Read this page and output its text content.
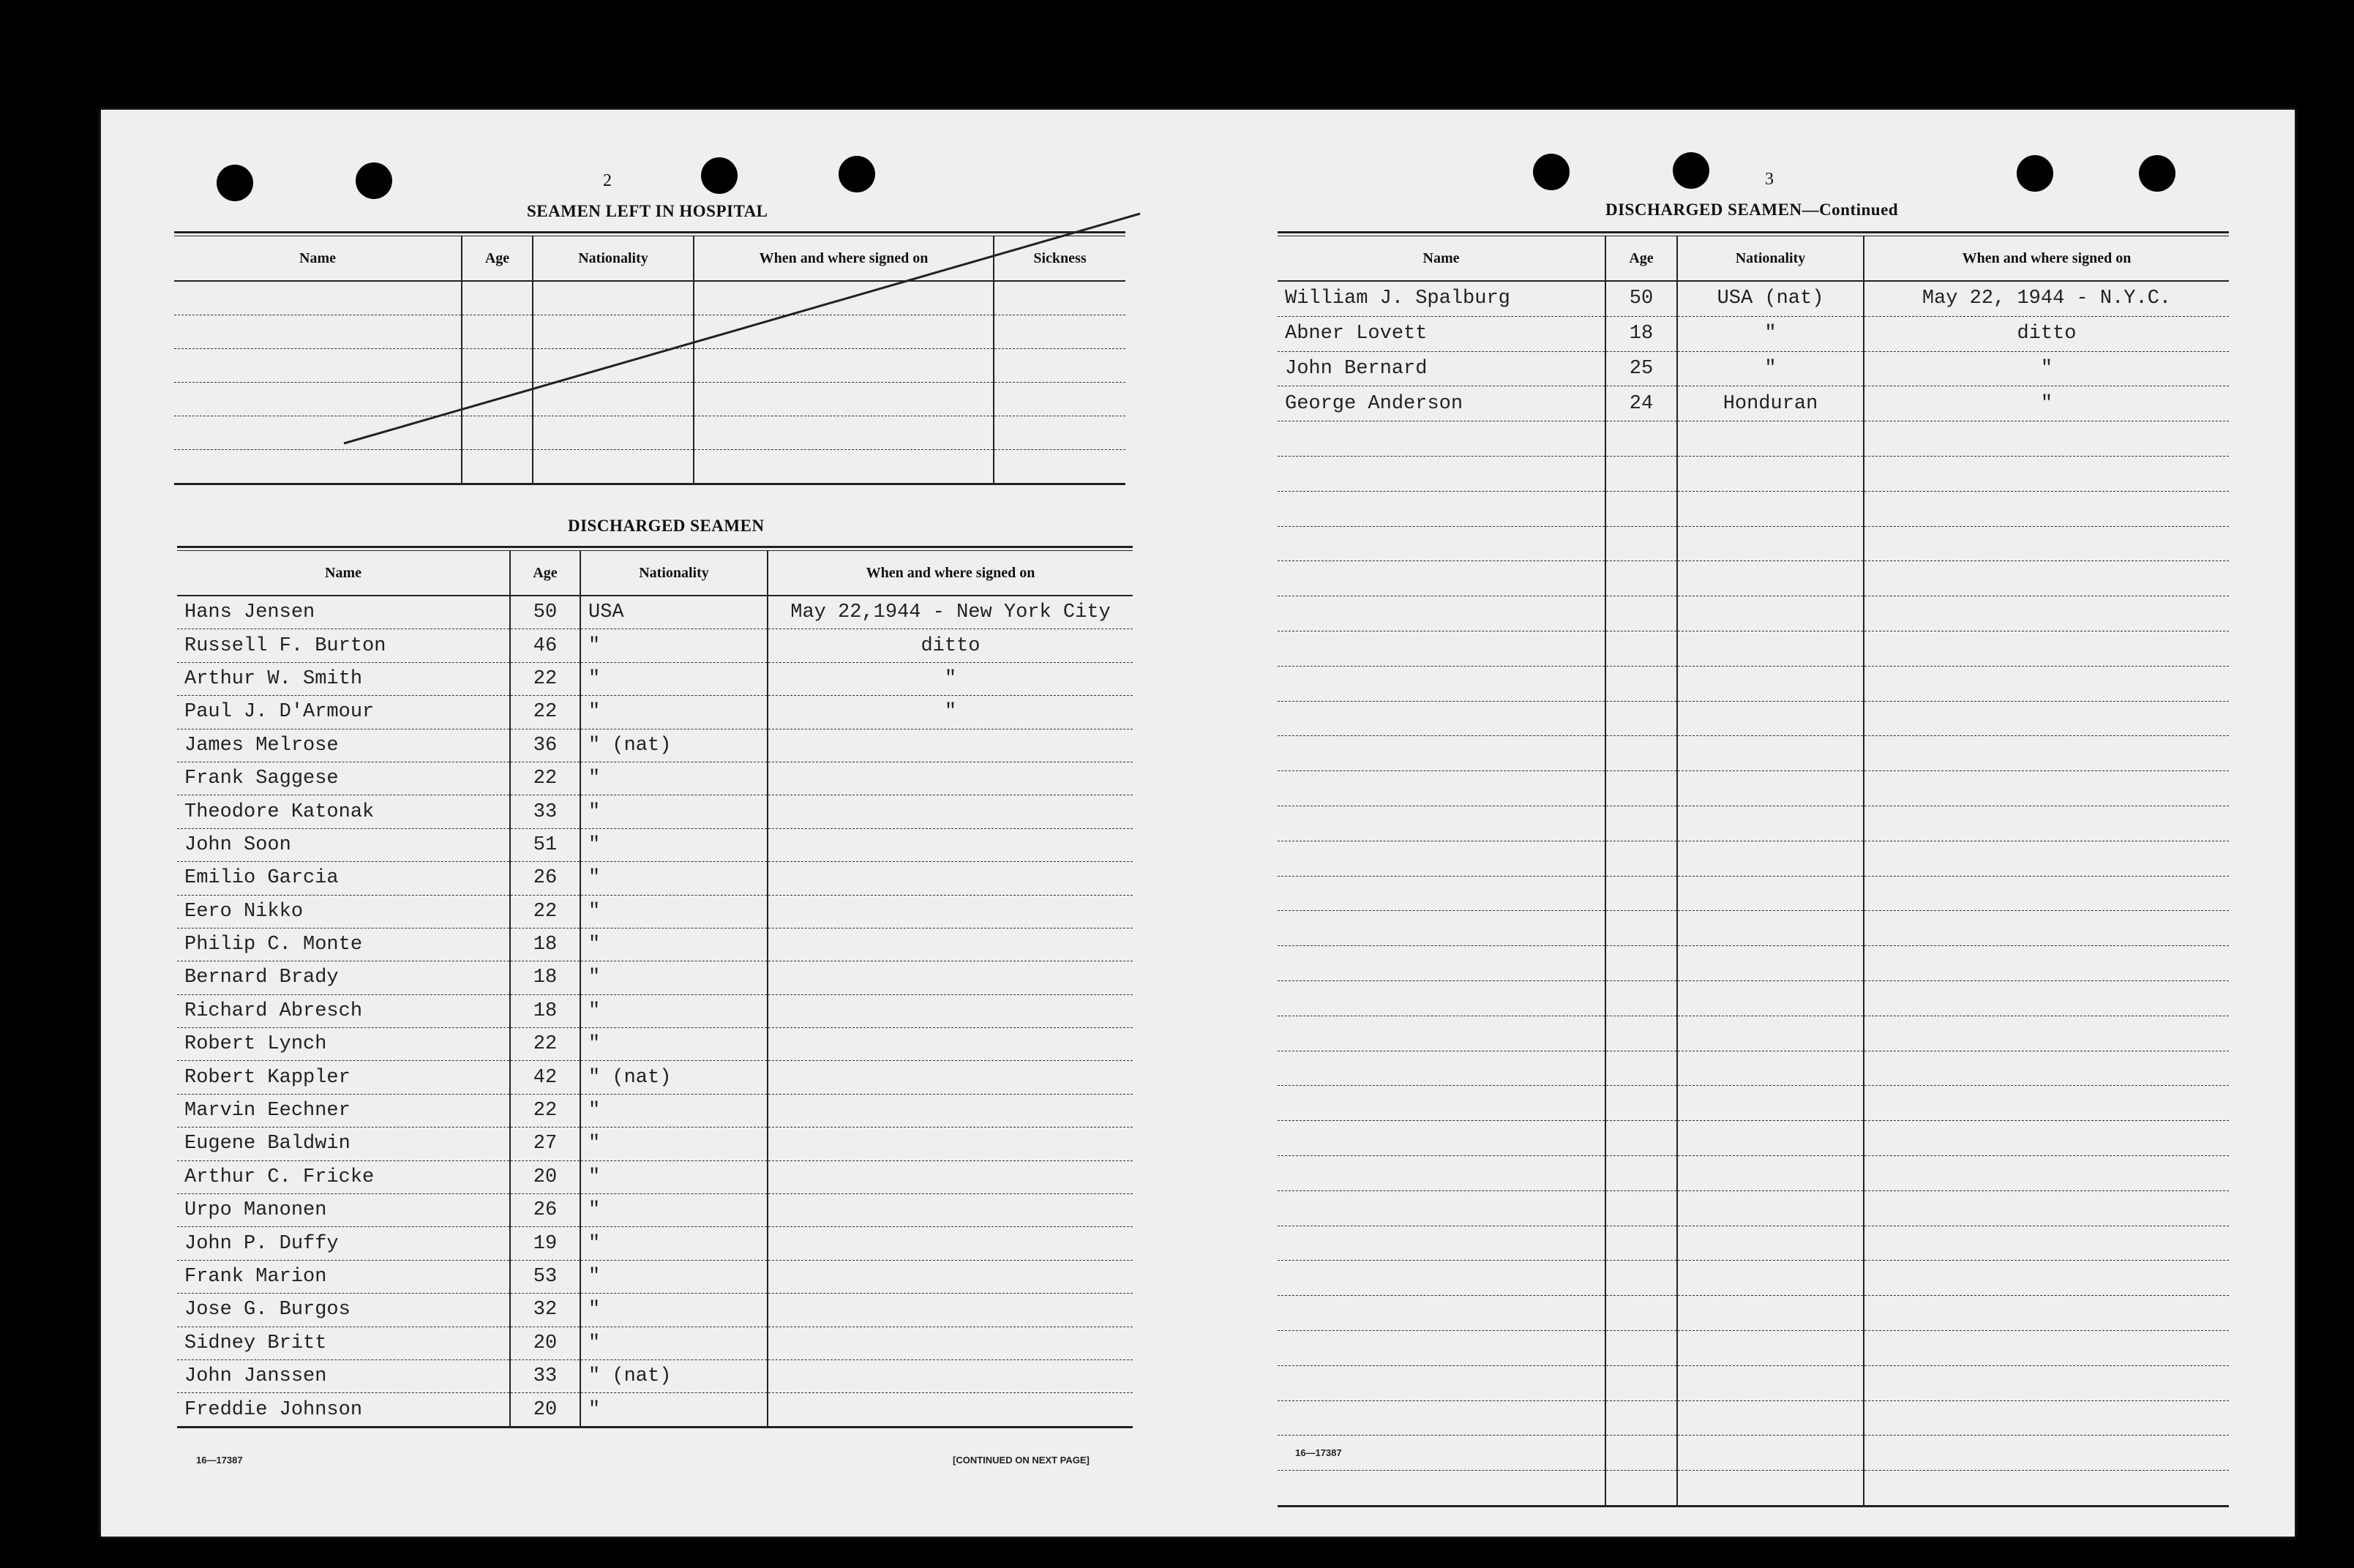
2
SEAMEN LEFT IN HOSPITAL
Name	Age	Nationality	When and where signed on	Sickness

DISCHARGED SEAMEN
Name	Age	Nationality	When and where signed on
Hans Jensen	50	USA	May 22,1944 - New York City
Russell F. Burton	46	"	ditto
Arthur W. Smith	22	"	"
Paul J. D'Armour	22	"	"
James Melrose	36	" (nat)	
Frank Saggese	22	"	
Theodore Katonak	33	"	
John Soon	51	"	
Emilio Garcia	26	"	
Eero Nikko	22	"	
Philip C. Monte	18	"	
Bernard Brady	18	"	
Richard Abresch	18	"	
Robert Lynch	22	"	
Robert Kappler	42	" (nat)	
Marvin Eechner	22	"	
Eugene Baldwin	27	"	
Arthur C. Fricke	20	"	
Urpo Manonen	26	"	
John P. Duffy	19	"	
Frank Marion	53	"	
Jose G. Burgos	32	"	
Sidney Britt	20	"	
John Janssen	33	" (nat)	
Freddie Johnson	20	"	
16—17387	[CONTINUED ON NEXT PAGE]
3
DISCHARGED SEAMEN—Continued
Name	Age	Nationality	When and where signed on
William J. Spalburg	50	USA (nat)	May 22, 1944 - N.Y.C.
Abner Lovett	18	"	ditto
John Bernard	25	"	"
George Anderson	24	Honduran	"

16—17387
